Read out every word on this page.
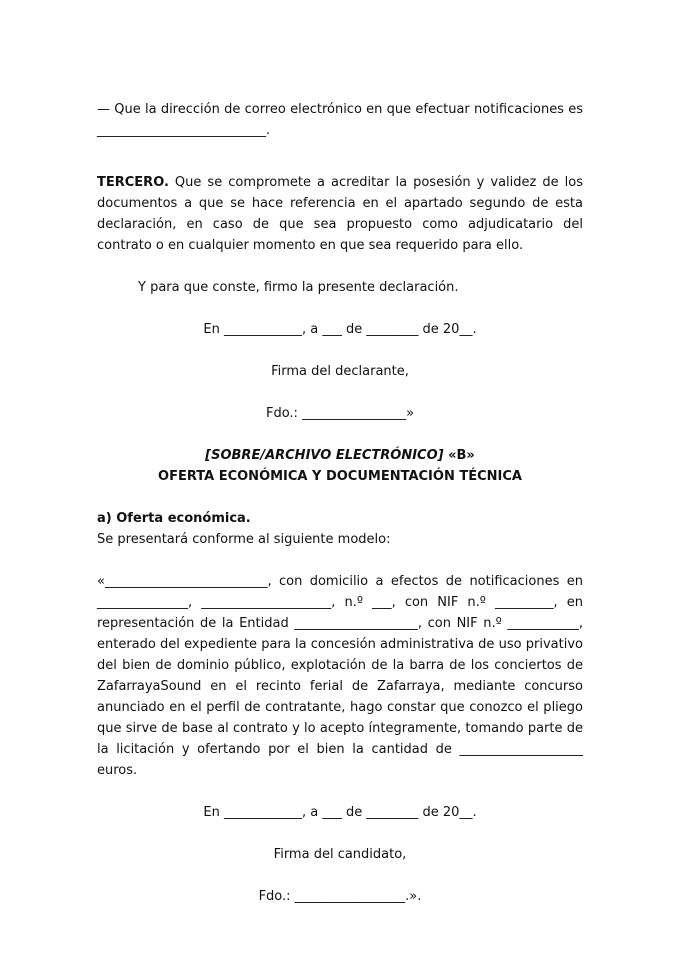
— Que la dirección de correo electrónico en que efectuar notificaciones es __________________________.

TERCERO. Que se compromete a acreditar la posesión y validez de los documentos a que se hace referencia en el apartado segundo de esta declaración, en caso de que sea propuesto como adjudicatario del contrato o en cualquier momento en que sea requerido para ello.

Y para que conste, firmo la presente declaración.

En ____________, a ___ de ________ de 20__.

Firma del declarante,

Fdo.: ________________»

[SOBRE/ARCHIVO ELECTRÓNICO] «B»

OFERTA ECONÓMICA Y DOCUMENTACIÓN TÉCNICA

a) Oferta económica.

Se presentará conforme al siguiente modelo:

«_________________________, con domicilio a efectos de notificaciones en ______________, ____________________, n.º ___, con NIF n.º _________, en representación de la Entidad ___________________, con NIF n.º ___________, enterado del expediente para la concesión administrativa de uso privativo del bien de dominio público, explotación de la barra de los conciertos de ZafarrayaSound en el recinto ferial de Zafarraya, mediante concurso anunciado en el perfil de contratante, hago constar que conozco el pliego que sirve de base al contrato y lo acepto íntegramente, tomando parte de la licitación y ofertando por el bien la cantidad de ___________________ euros.

En ____________, a ___ de ________ de 20__.

Firma del candidato,

Fdo.: _________________.».
